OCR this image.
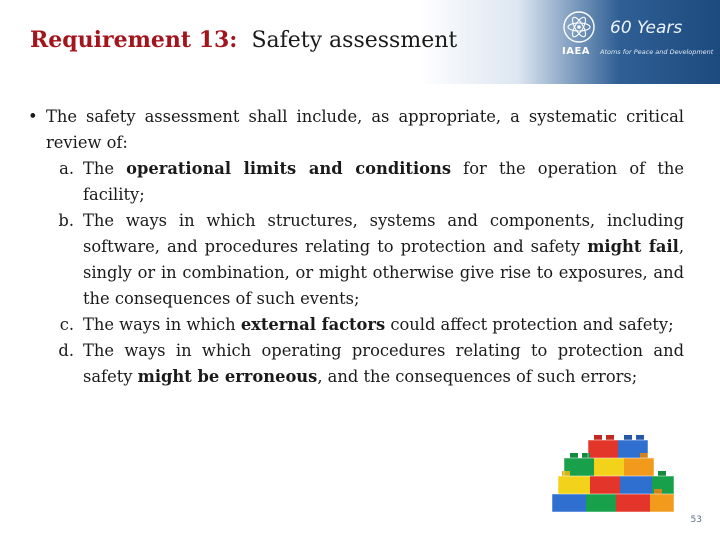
Requirement 13: Safety assessment	IAEA
60 Years
Atoms for Peace and Development

• The safety assessment shall include, as appropriate, a systematic critical review of:

a. The operational limits and conditions for the operation of the facility;

b. The ways in which structures, systems and components, including software, and procedures relating to protection and safety might fail, singly or in combination, or might otherwise give rise to exposures, and the consequences of such events;

c. The ways in which external factors could affect protection and safety;

d. The ways in which operating procedures relating to protection and safety might be erroneous, and the consequences of such errors;

53
